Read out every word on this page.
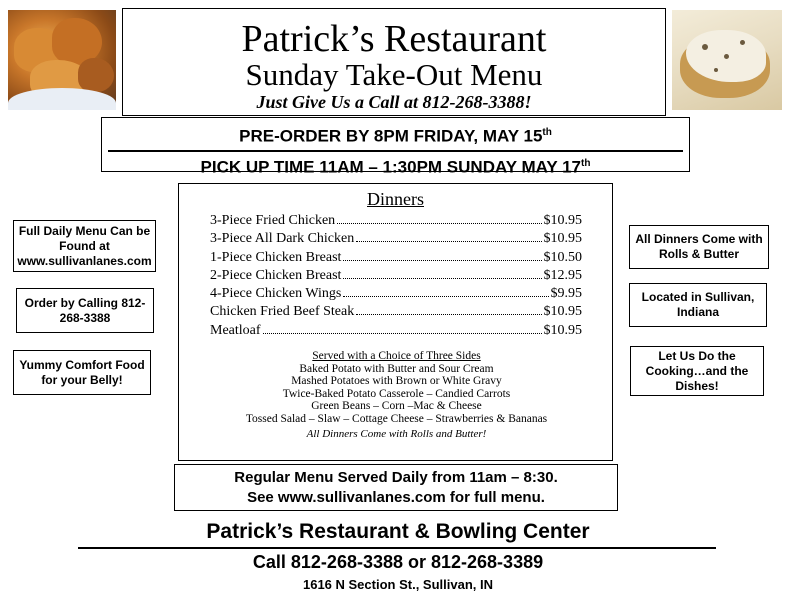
Patrick’s Restaurant
Sunday Take-Out Menu
Just Give Us a Call at 812-268-3388!
PRE-ORDER BY 8PM FRIDAY, MAY 15th
PICK UP TIME 11AM – 1:30PM SUNDAY MAY 17th
Full Daily Menu Can be Found at www.sullivanlanes.com
Order by Calling 812-268-3388
Yummy Comfort Food for your Belly!
All Dinners Come with Rolls & Butter
Located in Sullivan, Indiana
Let Us Do the Cooking…and the Dishes!
Dinners
3-Piece Fried Chicken	$10.95
3-Piece All Dark Chicken	$10.95
1-Piece Chicken Breast	$10.50
2-Piece Chicken Breast	$12.95
4-Piece Chicken Wings	$9.95
Chicken Fried Beef Steak	$10.95
Meatloaf	$10.95
Served with a Choice of Three Sides
Baked Potato with Butter and Sour Cream
Mashed Potatoes with Brown or White Gravy
Twice-Baked Potato Casserole – Candied Carrots
Green Beans – Corn –Mac & Cheese
Tossed Salad – Slaw – Cottage Cheese – Strawberries & Bananas
All Dinners Come with Rolls and Butter!
Regular Menu Served Daily from 11am – 8:30.
See www.sullivanlanes.com for full menu.
Patrick’s Restaurant & Bowling Center
Call 812-268-3388 or 812-268-3389
1616 N Section St., Sullivan, IN
